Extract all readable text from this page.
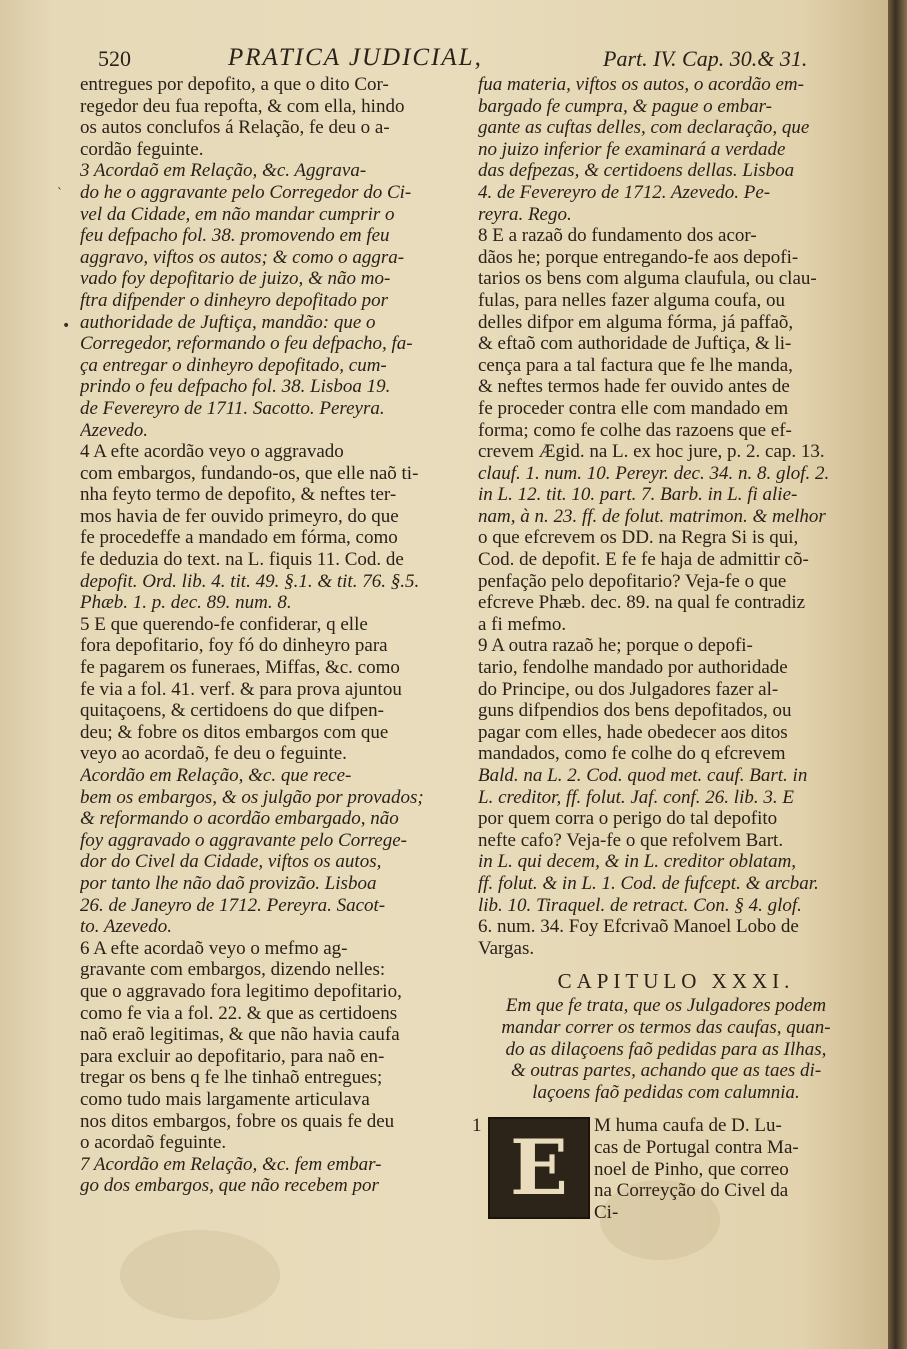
520	PRATICA JUDICIAL,	Part. IV. Cap. 30.& 31.
`
•
entregues por depofito, a que o dito Cor-
regedor deu fua repofta, & com ella, hindo
os autos conclufos á Relação, fe deu o a-
cordão feguinte.
3 Acordaõ em Relação, &c. Aggrava-
do he o aggravante pelo Corregedor do Ci-
vel da Cidade, em não mandar cumprir o
feu defpacho fol. 38. promovendo em feu
aggravo, viftos os autos; & como o aggra-
vado foy depofitario de juizo, & não mo-
ftra difpender o dinheyro depofitado por
authoridade de Juftiça, mandão: que o
Corregedor, reformando o feu defpacho, fa-
ça entregar o dinheyro depofitado, cum-
prindo o feu defpacho fol. 38. Lisboa 19.
de Fevereyro de 1711. Sacotto. Pereyra.
Azevedo.
4 A efte acordão veyo o aggravado
com embargos, fundando-os, que elle naõ ti-
nha feyto termo de depofito, & neftes ter-
mos havia de fer ouvido primeyro, do que
fe procedeffe a mandado em fórma, como
fe deduzia do text. na L. fiquis 11. Cod. de
depofit. Ord. lib. 4. tit. 49. §.1. & tit. 76. §.5.
Phæb. 1. p. dec. 89. num. 8.
5 E que querendo-fe confiderar, q elle
fora depofitario, foy fó do dinheyro para
fe pagarem os funeraes, Miffas, &c. como
fe via a fol. 41. verf. & para prova ajuntou
quitaçoens, & certidoens do que difpen-
deu; & fobre os ditos embargos com que
veyo ao acordaõ, fe deu o feguinte.
Acordão em Relação, &c. que rece-
bem os embargos, & os julgão por provados;
& reformando o acordão embargado, não
foy aggravado o aggravante pelo Correge-
dor do Civel da Cidade, viftos os autos,
por tanto lhe não daõ provizão. Lisboa
26. de Janeyro de 1712. Pereyra. Sacot-
to. Azevedo.
6 A efte acordaõ veyo o mefmo ag-
gravante com embargos, dizendo nelles:
que o aggravado fora legitimo depofitario,
como fe via a fol. 22. & que as certidoens
naõ eraõ legitimas, & que não havia caufa
para excluir ao depofitario, para naõ en-
tregar os bens q fe lhe tinhaõ entregues;
como tudo mais largamente articulava
nos ditos embargos, fobre os quais fe deu
o acordaõ feguinte.
7 Acordão em Relação, &c. fem embar-
go dos embargos, que não recebem por
fua materia, viftos os autos, o acordão em-
bargado fe cumpra, & pague o embar-
gante as cuftas delles, com declaração, que
no juizo inferior fe examinará a verdade
das defpezas, & certidoens dellas. Lisboa
4. de Fevereyro de 1712. Azevedo. Pe-
reyra. Rego.
8 E a razaõ do fundamento dos acor-
dãos he; porque entregando-fe aos depofi-
tarios os bens com alguma claufula, ou clau-
fulas, para nelles fazer alguma coufa, ou
delles difpor em alguma fórma, já paffaõ,
& eftaõ com authoridade de Juftiça, & li-
cença para a tal factura que fe lhe manda,
& neftes termos hade fer ouvido antes de
fe proceder contra elle com mandado em
forma; como fe colhe das razoens que ef-
crevem Ægid. na L. ex hoc jure, p. 2. cap. 13.
clauf. 1. num. 10. Pereyr. dec. 34. n. 8. glof. 2.
in L. 12. tit. 10. part. 7. Barb. in L. fi alie-
nam, à n. 23. ff. de folut. matrimon. & melhor
o que efcrevem os DD. na Regra Si is qui,
Cod. de depofit. E fe fe haja de admittir cõ-
penfação pelo depofitario? Veja-fe o que
efcreve Phæb. dec. 89. na qual fe contradiz
a fi mefmo.
9 A outra razaõ he; porque o depofi-
tario, fendolhe mandado por authoridade
do Principe, ou dos Julgadores fazer al-
guns difpendios dos bens depofitados, ou
pagar com elles, hade obedecer aos ditos
mandados, como fe colhe do q efcrevem
Bald. na L. 2. Cod. quod met. cauf. Bart. in
L. creditor, ff. folut. Jaf. conf. 26. lib. 3. E
por quem corra o perigo do tal depofito
nefte cafo? Veja-fe o que refolvem Bart.
in L. qui decem, & in L. creditor oblatam,
ff. folut. & in L. 1. Cod. de fufcept. & arcbar.
lib. 10. Tiraquel. de retract. Con. § 4. glof.
6. num. 34. Foy Efcrivaõ Manoel Lobo de
Vargas.
CAPITULO XXXI.
Em que fe trata, que os Julgadores podem
mandar correr os termos das caufas, quan-
do as dilaçoens faõ pedidas para as Ilhas,
& outras partes, achando que as taes di-
laçoens faõ pedidas com calumnia.
1 E	M huma caufa de D. Lu-
cas de Portugal contra Ma-
noel de Pinho, que correo
na Correyção do Civel da
Ci-
